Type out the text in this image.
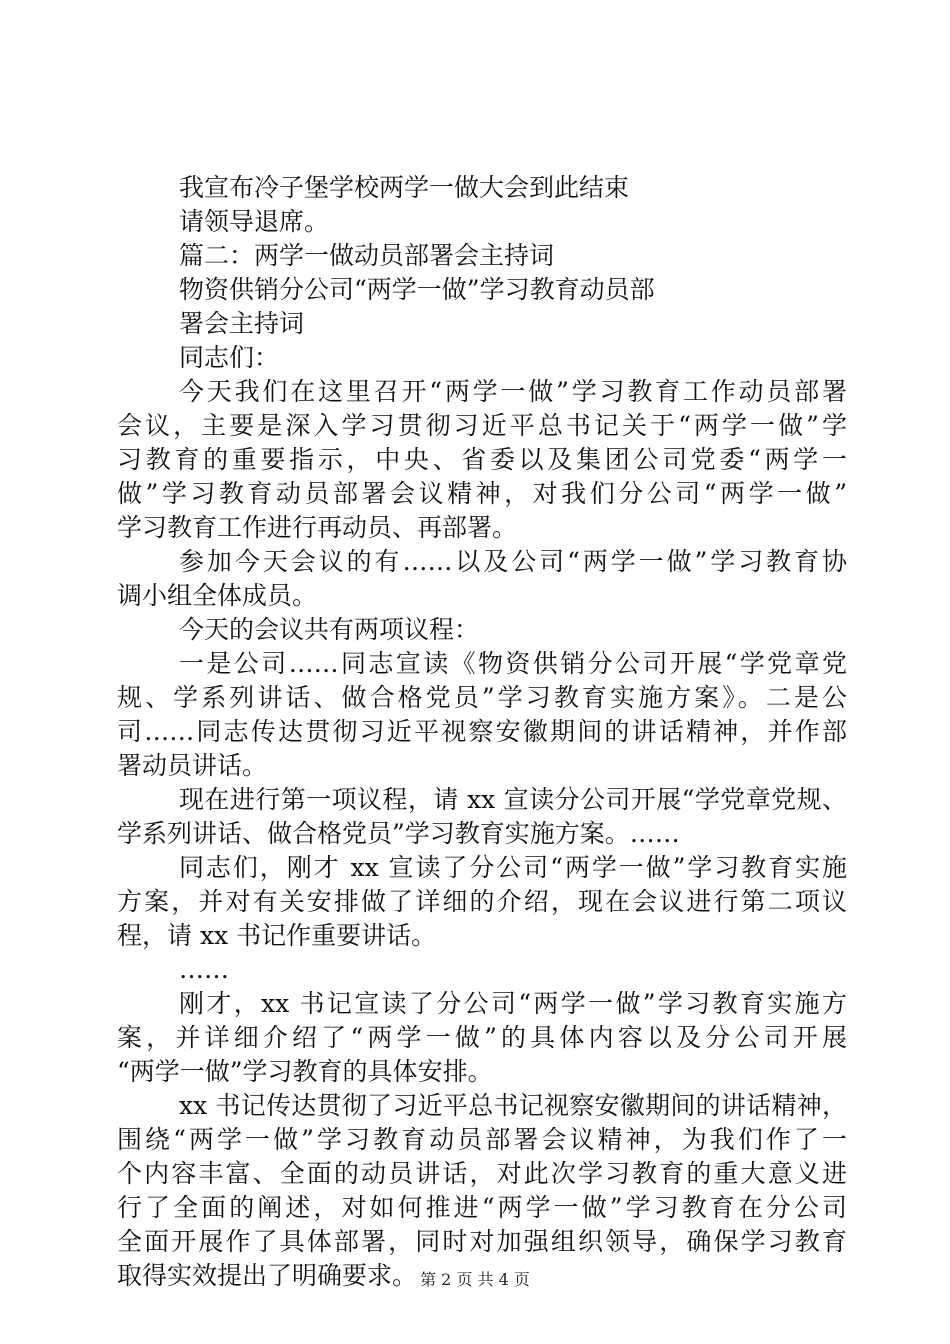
我宣布冷子堡学校两学一做大会到此结束
请领导退席。
篇二：两学一做动员部署会主持词
物资供销分公司“两学一做”学习教育动员部
署会主持词
同志们：
今天我们在这里召开“两学一做”学习教育工作动员部署
会议，主要是深入学习贯彻习近平总书记关于“两学一做”学
习教育的重要指示，中央、省委以及集团公司党委“两学一
做”学习教育动员部署会议精神，对我们分公司“两学一做”
学习教育工作进行再动员、再部署。
参加今天会议的有……以及公司“两学一做”学习教育协
调小组全体成员。
今天的会议共有两项议程：
一是公司……同志宣读《物资供销分公司开展“学党章党
规、学系列讲话、做合格党员”学习教育实施方案》。二是公
司……同志传达贯彻习近平视察安徽期间的讲话精神，并作部
署动员讲话。
现在进行第一项议程，请 xx 宣读分公司开展“学党章党规、
学系列讲话、做合格党员”学习教育实施方案。……
同志们，刚才 xx 宣读了分公司“两学一做”学习教育实施
方案，并对有关安排做了详细的介绍，现在会议进行第二项议
程，请 xx 书记作重要讲话。
……
刚才，xx 书记宣读了分公司“两学一做”学习教育实施方
案，并详细介绍了“两学一做”的具体内容以及分公司开展
“两学一做”学习教育的具体安排。
xx 书记传达贯彻了习近平总书记视察安徽期间的讲话精神，
围绕“两学一做”学习教育动员部署会议精神，为我们作了一
个内容丰富、全面的动员讲话，对此次学习教育的重大意义进
行了全面的阐述，对如何推进“两学一做”学习教育在分公司
全面开展作了具体部署，同时对加强组织领导，确保学习教育
取得实效提出了明确要求。 第 2 页 共 4 页
